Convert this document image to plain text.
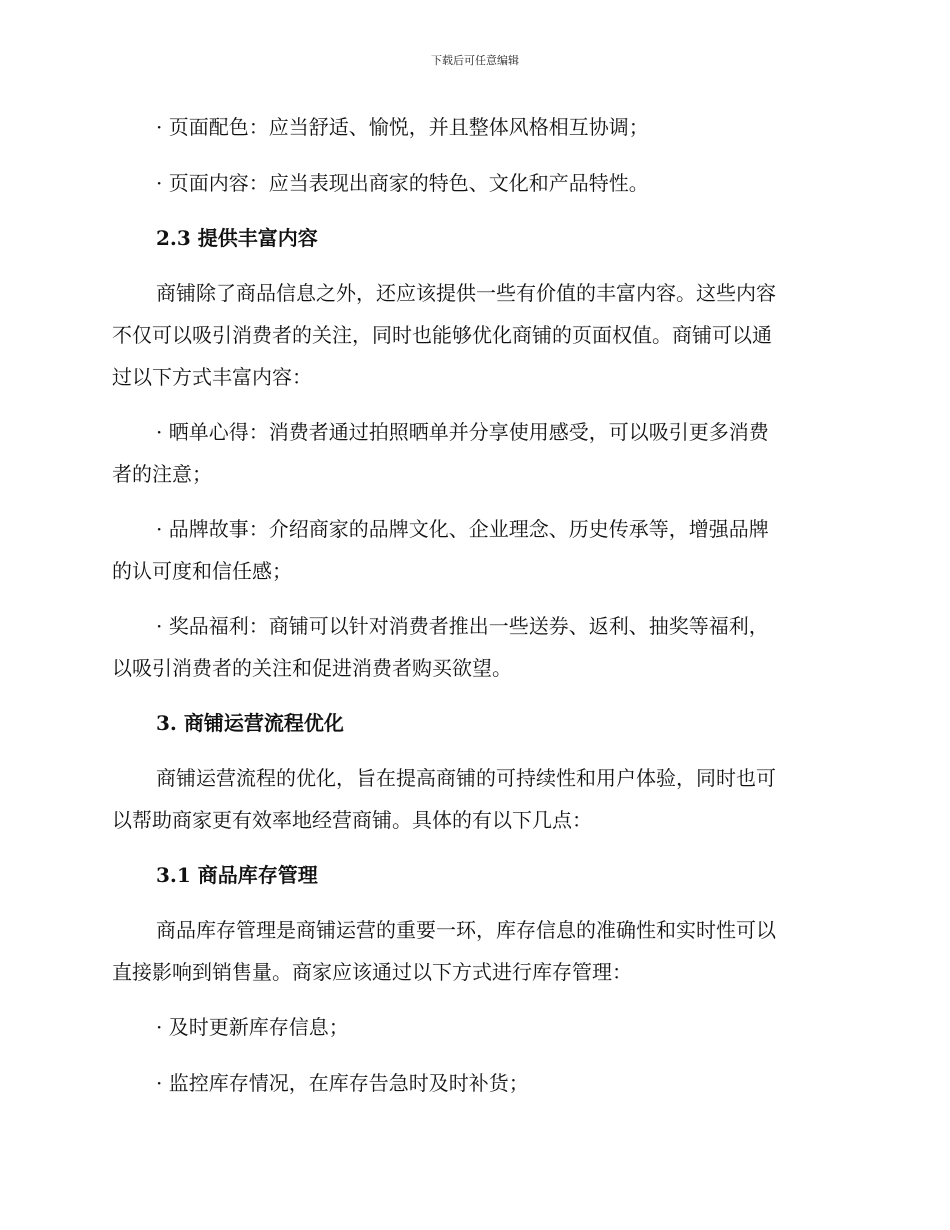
下载后可任意编辑
· 页面配色：应当舒适、愉悦，并且整体风格相互协调；
· 页面内容：应当表现出商家的特色、文化和产品特性。
2.3 提供丰富内容
商铺除了商品信息之外，还应该提供一些有价值的丰富内容。这些内容
不仅可以吸引消费者的关注，同时也能够优化商铺的页面权值。商铺可以通
过以下方式丰富内容：
· 晒单心得：消费者通过拍照晒单并分享使用感受，可以吸引更多消费
者的注意；
· 品牌故事：介绍商家的品牌文化、企业理念、历史传承等，增强品牌
的认可度和信任感；
· 奖品福利：商铺可以针对消费者推出一些送券、返利、抽奖等福利，
以吸引消费者的关注和促进消费者购买欲望。
3. 商铺运营流程优化
商铺运营流程的优化，旨在提高商铺的可持续性和用户体验，同时也可
以帮助商家更有效率地经营商铺。具体的有以下几点：
3.1 商品库存管理
商品库存管理是商铺运营的重要一环，库存信息的准确性和实时性可以
直接影响到销售量。商家应该通过以下方式进行库存管理：
· 及时更新库存信息；
· 监控库存情况，在库存告急时及时补货；
